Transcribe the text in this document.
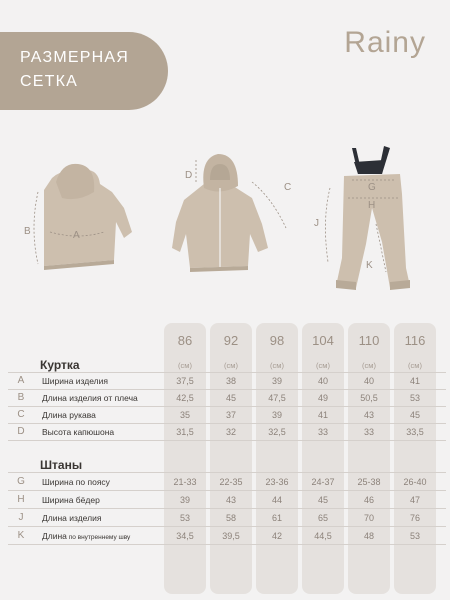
РАЗМЕРНАЯ
СЕТКА
Rainy
A
B
D
C	G
H
J
K
86	92	98	104	110	116
(см)	(см)	(см)	(см)	(см)	(см)
Куртка
A	Ширина изделия	37,5	38	39	40	40	41
B	Длина изделия от плеча	42,5	45	47,5	49	50,5	53
C	Длина рукава	35	37	39	41	43	45
D	Высота капюшона	31,5	32	32,5	33	33	33,5
Штаны
G	Ширина по поясу	21-33	22-35	23-36	24-37	25-38	26-40
H	Ширина бёдер	39	43	44	45	46	47
J	Длина изделия	53	58	61	65	70	76
K	Длина по внутреннему шву	34,5	39,5	42	44,5	48	53
